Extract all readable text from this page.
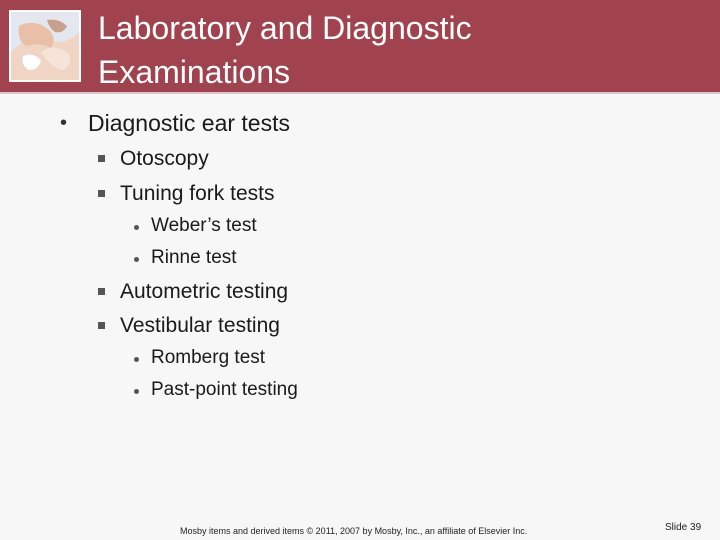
Laboratory and Diagnostic
Examinations
• Diagnostic ear tests
Otoscopy
Tuning fork tests
Weber’s test
Rinne test
Autometric testing
Vestibular testing
Romberg test
Past-point testing
Mosby items and derived items © 2011, 2007 by Mosby, Inc., an affiliate of Elsevier Inc.	Slide 39
